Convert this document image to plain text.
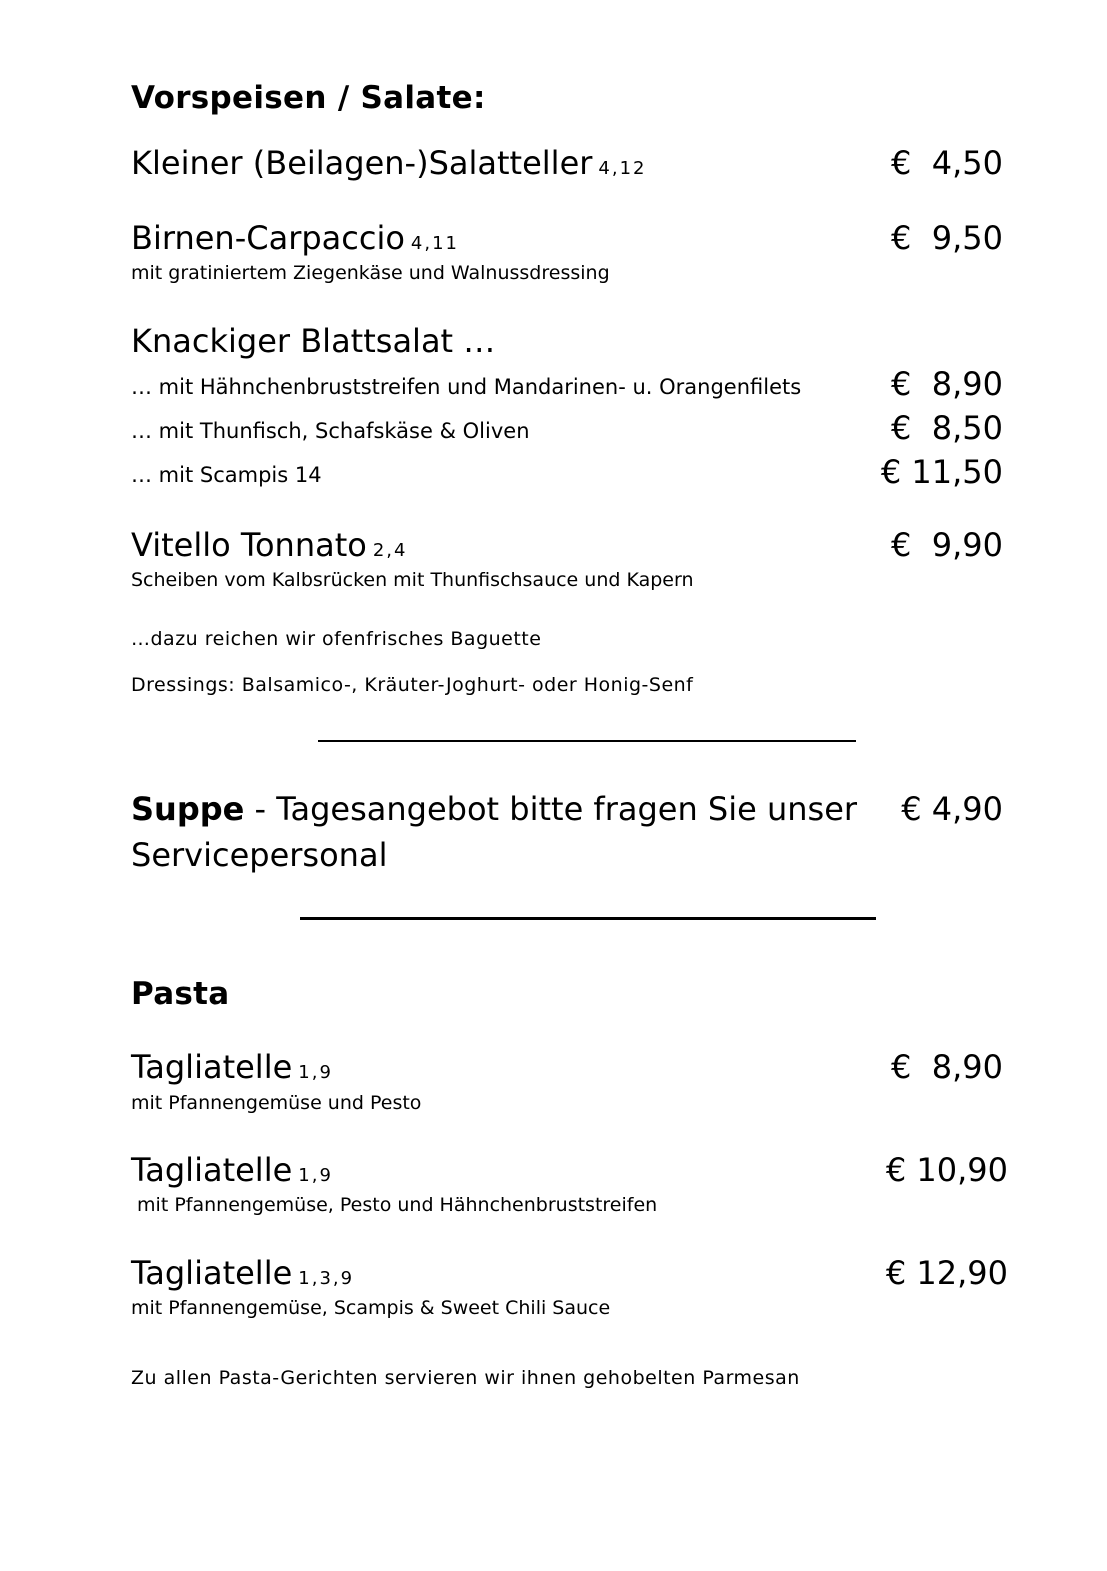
Vorspeisen / Salate:
Kleiner (Beilagen-)Salatteller 4,12	€  4,50
Birnen-Carpaccio 4,11	€  9,50
mit gratiniertem Ziegenkäse und Walnussdressing
Knackiger Blattsalat …
… mit Hähnchenbruststreifen und Mandarinen- u. Orangenfilets	€  8,90
… mit Thunfisch, Schafskäse & Oliven	€  8,50
… mit Scampis 14	€ 11,50
Vitello Tonnato 2,4	€  9,90
Scheiben vom Kalbsrücken mit Thunfischsauce und Kapern
…dazu reichen wir ofenfrisches Baguette
Dressings: Balsamico-, Kräuter-Joghurt- oder Honig-Senf
Suppe - Tagesangebot bitte fragen Sie unser
Servicepersonal
€ 4,90
Pasta
Tagliatelle 1,9	€  8,90
mit Pfannengemüse und Pesto
Tagliatelle 1,9	€ 10,90
mit Pfannengemüse, Pesto und Hähnchenbruststreifen
Tagliatelle 1,3,9	€ 12,90
mit Pfannengemüse, Scampis & Sweet Chili Sauce
Zu allen Pasta-Gerichten servieren wir ihnen gehobelten Parmesan
